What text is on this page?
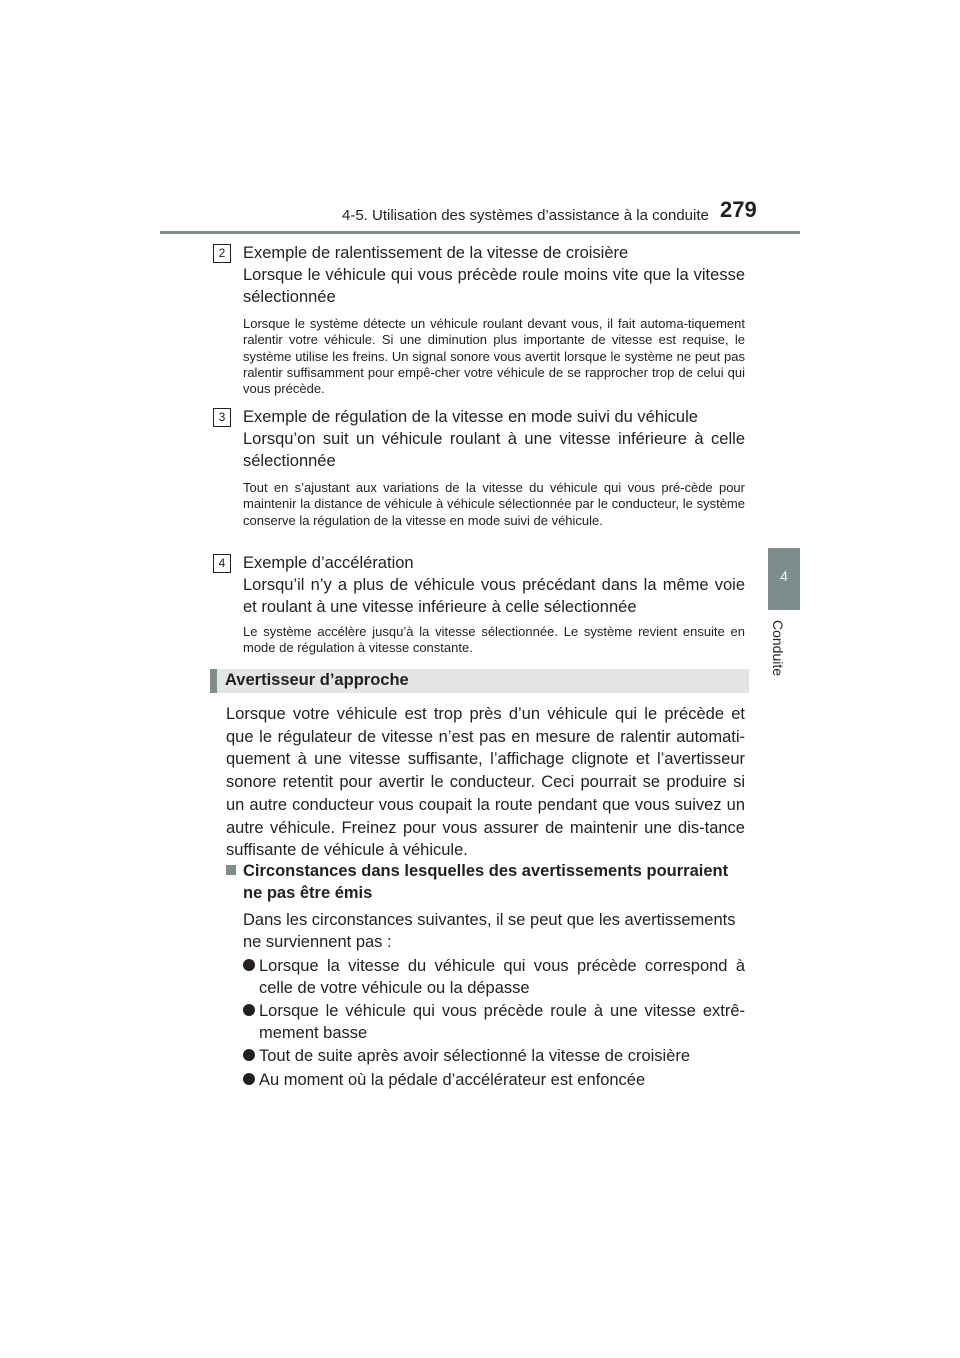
4-5. Utilisation des systèmes d’assistance à la conduite 279
4
Conduite
2	Exemple de ralentissement de la vitesse de croisière
Lorsque le véhicule qui vous précède roule moins vite que la vitesse sélectionnée
Lorsque le système détecte un véhicule roulant devant vous, il fait automa-tiquement ralentir votre véhicule. Si une diminution plus importante de vitesse est requise, le système utilise les freins. Un signal sonore vous avertit lorsque le système ne peut pas ralentir suffisamment pour empê-cher votre véhicule de se rapprocher trop de celui qui vous précède.
3	Exemple de régulation de la vitesse en mode suivi du véhicule
Lorsqu’on suit un véhicule roulant à une vitesse inférieure à celle sélectionnée
Tout en s’ajustant aux variations de la vitesse du véhicule qui vous pré-cède pour maintenir la distance de véhicule à véhicule sélectionnée par le conducteur, le système conserve la régulation de la vitesse en mode suivi de véhicule.
4	Exemple d’accélération
Lorsqu’il n’y a plus de véhicule vous précédant dans la même voie et roulant à une vitesse inférieure à celle sélectionnée
Le système accélère jusqu’à la vitesse sélectionnée. Le système revient ensuite en mode de régulation à vitesse constante.
Avertisseur d’approche
Lorsque votre véhicule est trop près d’un véhicule qui le précède et que le régulateur de vitesse n’est pas en mesure de ralentir automati-quement à une vitesse suffisante, l’affichage clignote et l’avertisseur sonore retentit pour avertir le conducteur. Ceci pourrait se produire si un autre conducteur vous coupait la route pendant que vous suivez un autre véhicule. Freinez pour vous assurer de maintenir une dis-tance suffisante de véhicule à véhicule.
Circonstances dans lesquelles des avertissements pourraient ne pas être émis
Dans les circonstances suivantes, il se peut que les avertissements ne surviennent pas :
Lorsque la vitesse du véhicule qui vous précède correspond à celle de votre véhicule ou la dépasse
Lorsque le véhicule qui vous précède roule à une vitesse extrê-mement basse
Tout de suite après avoir sélectionné la vitesse de croisière
Au moment où la pédale d’accélérateur est enfoncée
